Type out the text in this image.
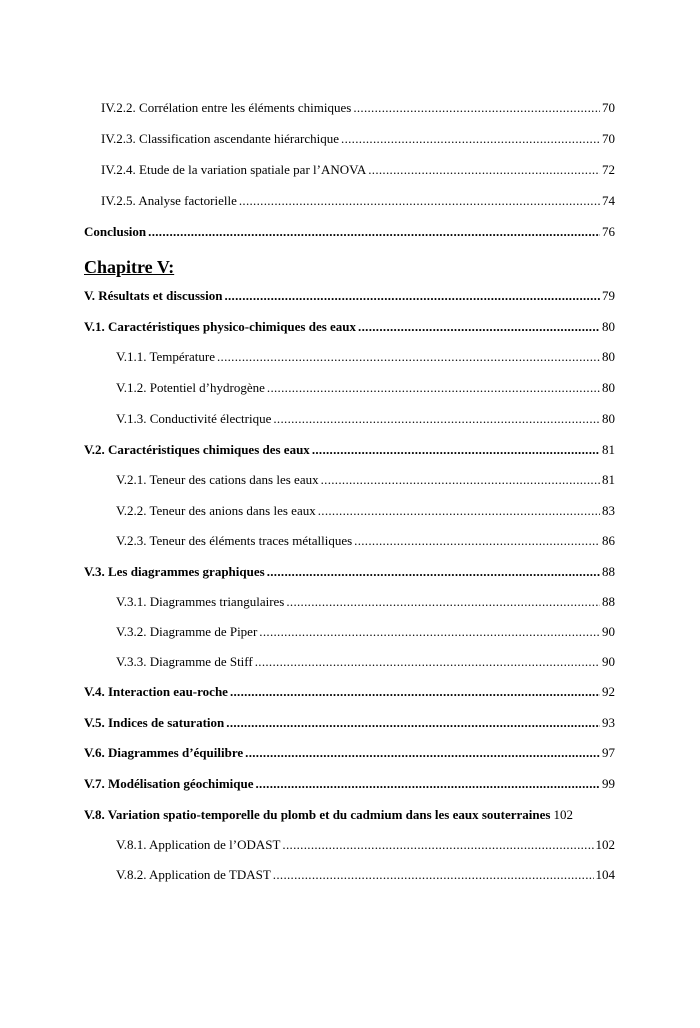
IV.2.2. Corrélation entre les éléments chimiques .....	70
IV.2.3. Classification ascendante hiérarchique .....	70
IV.2.4. Etude de la variation spatiale par l’ANOVA .....	72
IV.2.5. Analyse factorielle .....	74
Conclusion .....	76
Chapitre V:
V. Résultats et discussion .....	79
V.1. Caractéristiques physico-chimiques des eaux .....	80
V.1.1. Température .....	80
V.1.2. Potentiel d’hydrogène .....	80
V.1.3. Conductivité électrique .....	80
V.2. Caractéristiques chimiques des eaux .....	81
V.2.1. Teneur des cations dans les eaux .....	81
V.2.2. Teneur des anions dans les eaux .....	83
V.2.3. Teneur des éléments traces métalliques .....	86
V.3. Les diagrammes graphiques .....	88
V.3.1. Diagrammes triangulaires .....	88
V.3.2. Diagramme de Piper .....	90
V.3.3. Diagramme de Stiff .....	90
V.4. Interaction eau-roche .....	92
V.5. Indices de saturation .....	93
V.6. Diagrammes d’équilibre .....	97
V.7. Modélisation géochimique .....	99
V.8. Variation spatio-temporelle du plomb et du cadmium dans les eaux souterraines 102
V.8.1. Application de l’ODAST .....	102
V.8.2. Application de TDAST .....	104
